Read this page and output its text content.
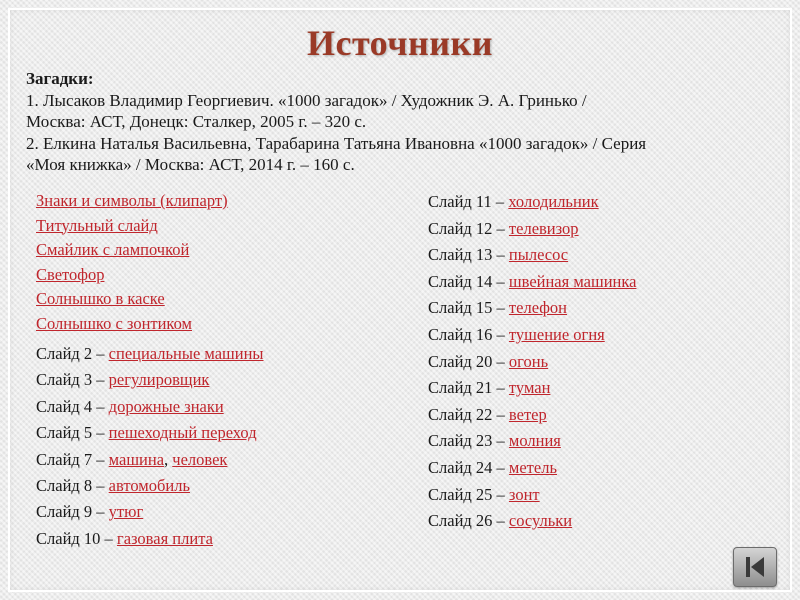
Источники
Загадки:
1. Лысаков Владимир Георгиевич. «1000 загадок» / Художник Э. А. Гринько /
Москва: АСТ, Донецк: Сталкер, 2005 г. – 320 с.
2. Елкина Наталья Васильевна, Тарабарина Татьяна Ивановна «1000 загадок» / Серия
«Моя книжка» / Москва: АСТ, 2014 г. – 160 с.
Знаки и символы (клипарт)
Титульный слайд
Смайлик с лампочкой
Светофор
Солнышко в каске
Солнышко с зонтиком
Слайд 2 – специальные машины
Слайд 3 – регулировщик
Слайд 4 – дорожные знаки
Слайд 5 – пешеходный переход
Слайд 7 – машина, человек
Слайд 8 – автомобиль
Слайд 9 – утюг
Слайд 10 – газовая плита
Слайд 11 – холодильник
Слайд 12 – телевизор
Слайд 13 – пылесос
Слайд 14 – швейная машинка
Слайд 15 – телефон
Слайд 16 – тушение огня
Слайд 20 – огонь
Слайд 21 – туман
Слайд 22 – ветер
Слайд 23 – молния
Слайд 24 – метель
Слайд 25 – зонт
Слайд 26 – сосульки
